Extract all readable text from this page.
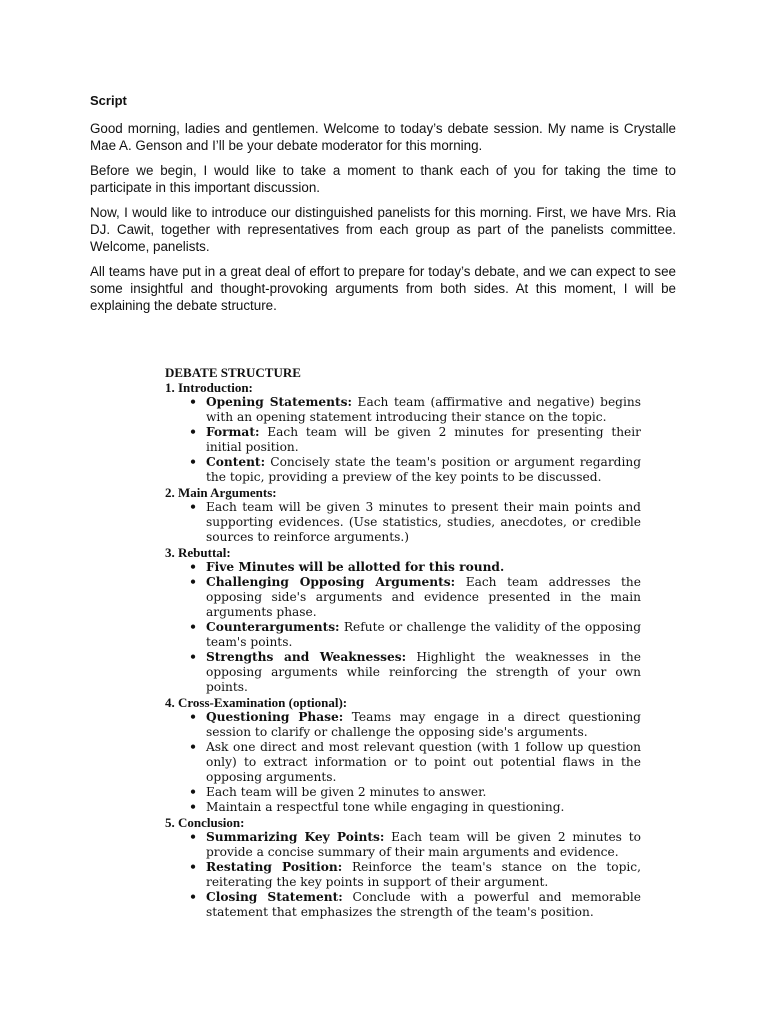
Script

Good morning, ladies and gentlemen. Welcome to today’s debate session. My name is Crystalle Mae A. Genson and I’ll be your debate moderator for this morning.

Before we begin, I would like to take a moment to thank each of you for taking the time to participate in this important discussion.

Now, I would like to introduce our distinguished panelists for this morning. First, we have Mrs. Ria DJ. Cawit, together with representatives from each group as part of the panelists committee. Welcome, panelists.

All teams have put in a great deal of effort to prepare for today’s debate, and we can expect to see some insightful and thought-provoking arguments from both sides. At this moment, I will be explaining the debate structure.

DEBATE STRUCTURE
1. Introduction:
• Opening Statements: Each team (affirmative and negative) begins with an opening statement introducing their stance on the topic.
• Format: Each team will be given 2 minutes for presenting their initial position.
• Content: Concisely state the team's position or argument regarding the topic, providing a preview of the key points to be discussed.
2. Main Arguments:
• Each team will be given 3 minutes to present their main points and supporting evidences. (Use statistics, studies, anecdotes, or credible sources to reinforce arguments.)
3. Rebuttal:
• Five Minutes will be allotted for this round.
• Challenging Opposing Arguments: Each team addresses the opposing side's arguments and evidence presented in the main arguments phase.
• Counterarguments: Refute or challenge the validity of the opposing team's points.
• Strengths and Weaknesses: Highlight the weaknesses in the opposing arguments while reinforcing the strength of your own points.
4. Cross-Examination (optional):
• Questioning Phase: Teams may engage in a direct questioning session to clarify or challenge the opposing side's arguments.
• Ask one direct and most relevant question (with 1 follow up question only) to extract information or to point out potential flaws in the opposing arguments.
• Each team will be given 2 minutes to answer.
• Maintain a respectful tone while engaging in questioning.
5. Conclusion:
• Summarizing Key Points: Each team will be given 2 minutes to provide a concise summary of their main arguments and evidence.
• Restating Position: Reinforce the team's stance on the topic, reiterating the key points in support of their argument.
• Closing Statement: Conclude with a powerful and memorable statement that emphasizes the strength of the team's position.
